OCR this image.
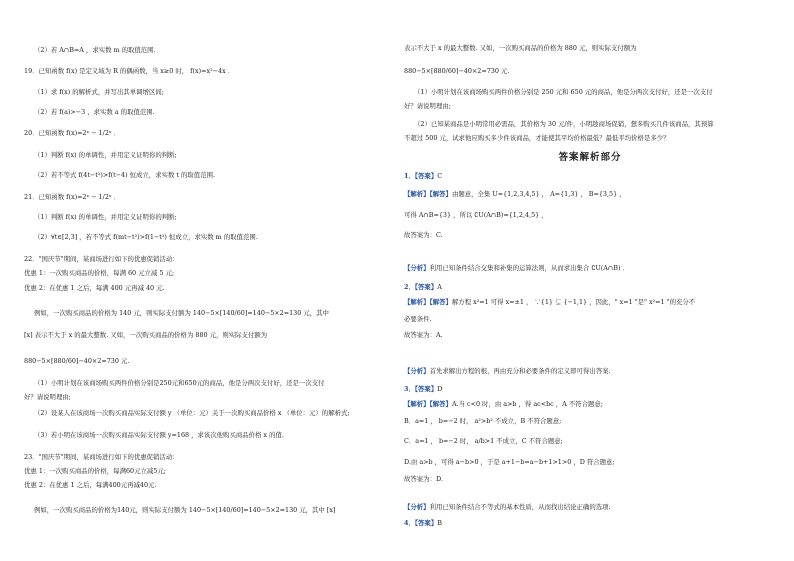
（2）若 A∩B=A ，求实数 m 的取值范围.
19．已知函数 f(x) 是定义域为 R 的偶函数，当 x≥0 时， f(x)=x²−4x ．
（1）求 f(x) 的解析式，并写出其单调增区间;
（2）若 f(a)>−3 ，求实数 a 的取值范围.
20．已知函数 f(x)=2ˣ − 1/2ˣ ．
（1）判断 f(x) 的单调性，并用定义证明你的判断;
（2）若不等式 f(4t−t²)>f(t−4) 恒成立，求实数 t 的取值范围.
21．已知函数 f(x)=2ˣ − 1/2ˣ ．
（1）判断 f(x) 的单调性，并用定义证明你的判断;
（2）∀t∈[2,3] ，若不等式 f(mt−t²)>f(1−t²) 恒成立，求实数 m 的取值范围.
22．"国庆节"期间，某商场进行如下的优惠促销活动：
优惠 1：一次购买商品的价格，每满 60 元立减 5 元;
优惠 2：在优惠 1 之后，每满 400 元再减 40 元.
例如，一次购买商品的价格为 140 元，则实际支付额为 140−5×[140/60]=140−5×2=130 元，其中
[x] 表示不大于 x 的最大整数. 又如，一次购买商品的价格为 880 元，则实际支付额为
880−5×[880/60]−40×2=730 元.
（1）小明计划在该商场购买两件价格分别是250元和650元的商品，他是分两次支付好，还是一次支付
好？请说明理由;
（2）设某人在该商场一次购买商品实际支付额 y （单位：元）关于一次购买商品价格 x （单位：元）的解析式;
（3）若小明在该商场一次购买商品实际支付额 y=168 ，求该次他购买商品价格 x 的值.
23．"国庆节"期间，某商场进行如下的优惠促销活动：
优惠 1：一次购买商品的价格，每满60元立减5元;
优惠 2：在优惠 1 之后，每满400元再减40元.
例如，一次购买商品的价格为140元，则实际支付额为 140−5×[140/60]=140−5×2=130 元，其中 [x]
答案解析部分
表示不大于 x 的最大整数. 又如，一次购买商品的价格为 880 元，则实际支付额为
880−5×[880/60]−40×2=730 元.
（1）小明计划在该商场购买两件价格分别是 250 元和 650 元的商品，他是分两次支付好，还是一次支付
好？请说明理由;
（2）已知某商品是小明常用必需品，其价格为 30 元/件，小明趁商场促销，想多购买几件该商品，其预算
不超过 500 元，试求他应购买多少件该商品，才能使其平均价格最低？最低平均价格是多少？
1．【答案】C
【解析】【解答】由题意，全集 U={1,2,3,4,5} ， A={1,3} ， B={3,5} ，
可得 A∩B={3} ，所以 ∁U(A∩B)={1,2,4,5} ，
故答案为：C.
【分析】利用已知条件结合交集和补集的运算法则，从而求出集合 ∁U(A∩B) ．
2．【答案】A
【解析】【解答】解方程 x²=1 可得 x=±1 ， ∵{1} ⊊ {−1,1} ，因此，" x=1 "是" x²=1 "的充分不
必要条件.
故答案为：A.
【分析】首先求解出方程的根，再由充分和必要条件的定义即可得出答案.
3．【答案】D
【解析】【解答】A.当 c<0 时，由 a>b ，得 ac<bc ，A 不符合题意;
B．a=1 ， b=−2 时， a²>b² 不成立，B 不符合题意;
C．a=1 ， b=−2 时， a/b>1 不成立，C 不符合题意;
D.由 a>b ，可得 a−b>0 ，于是 a+1−b=a−b+1>1>0 ，D 符合题意;
故答案为：D.
【分析】利用已知条件结合不等式的基本性质，从而找出结论正确的选项.
4．【答案】B
